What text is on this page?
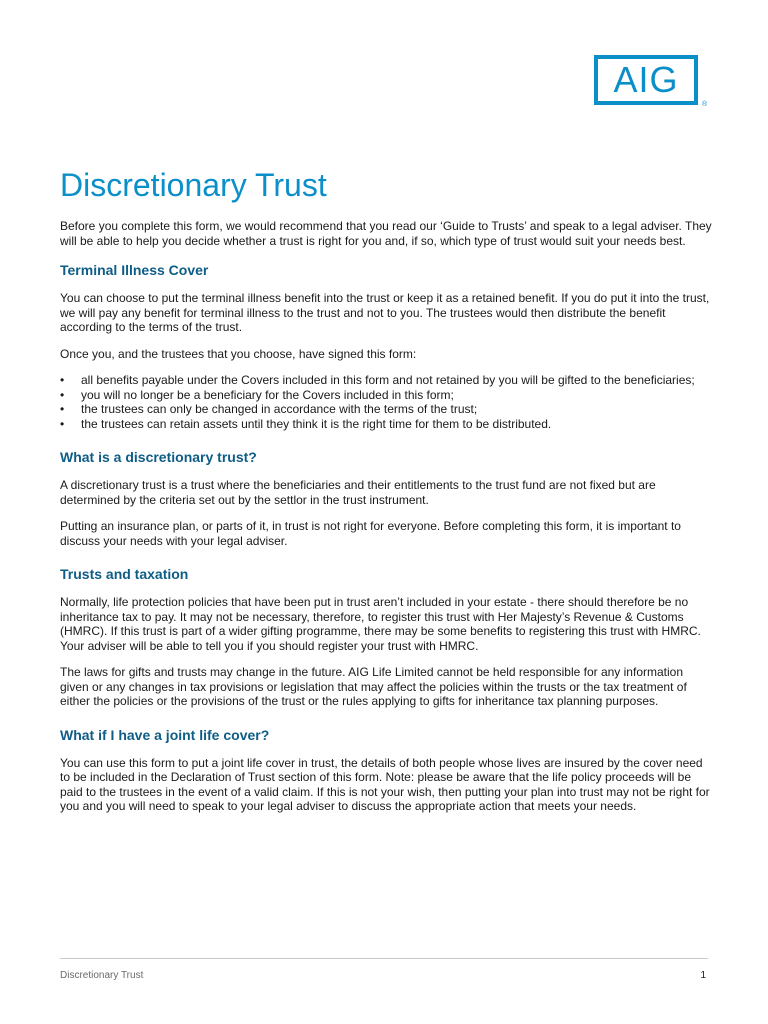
AIG
®
Discretionary Trust

Before you complete this form, we would recommend that you read our ‘Guide to Trusts’ and speak to a legal adviser. They will be able to help you decide whether a trust is right for you and, if so, which type of trust would suit your needs best.

Terminal Illness Cover

You can choose to put the terminal illness benefit into the trust or keep it as a retained benefit. If you do put it into the trust, we will pay any benefit for terminal illness to the trust and not to you. The trustees would then distribute the benefit according to the terms of the trust.

Once you, and the trustees that you choose, have signed this form:

• all benefits payable under the Covers included in this form and not retained by you will be gifted to the beneficiaries;
• you will no longer be a beneficiary for the Covers included in this form;
• the trustees can only be changed in accordance with the terms of the trust;
• the trustees can retain assets until they think it is the right time for them to be distributed.
What is a discretionary trust?

A discretionary trust is a trust where the beneficiaries and their entitlements to the trust fund are not fixed but are determined by the criteria set out by the settlor in the trust instrument.

Putting an insurance plan, or parts of it, in trust is not right for everyone. Before completing this form, it is important to discuss your needs with your legal adviser.

Trusts and taxation

Normally, life protection policies that have been put in trust aren’t included in your estate - there should therefore be no inheritance tax to pay. It may not be necessary, therefore, to register this trust with Her Majesty’s Revenue & Customs (HMRC). If this trust is part of a wider gifting programme, there may be some benefits to registering this trust with HMRC. Your adviser will be able to tell you if you should register your trust with HMRC.

The laws for gifts and trusts may change in the future. AIG Life Limited cannot be held responsible for any information given or any changes in tax provisions or legislation that may affect the policies within the trusts or the tax treatment of either the policies or the provisions of the trust or the rules applying to gifts for inheritance tax planning purposes.

What if I have a joint life cover?

You can use this form to put a joint life cover in trust, the details of both people whose lives are insured by the cover need to be included in the Declaration of Trust section of this form. Note: please be aware that the life policy proceeds will be paid to the trustees in the event of a valid claim. If this is not your wish, then putting your plan into trust may not be right for you and you will need to speak to your legal adviser to discuss the appropriate action that meets your needs.

Discretionary Trust	1
